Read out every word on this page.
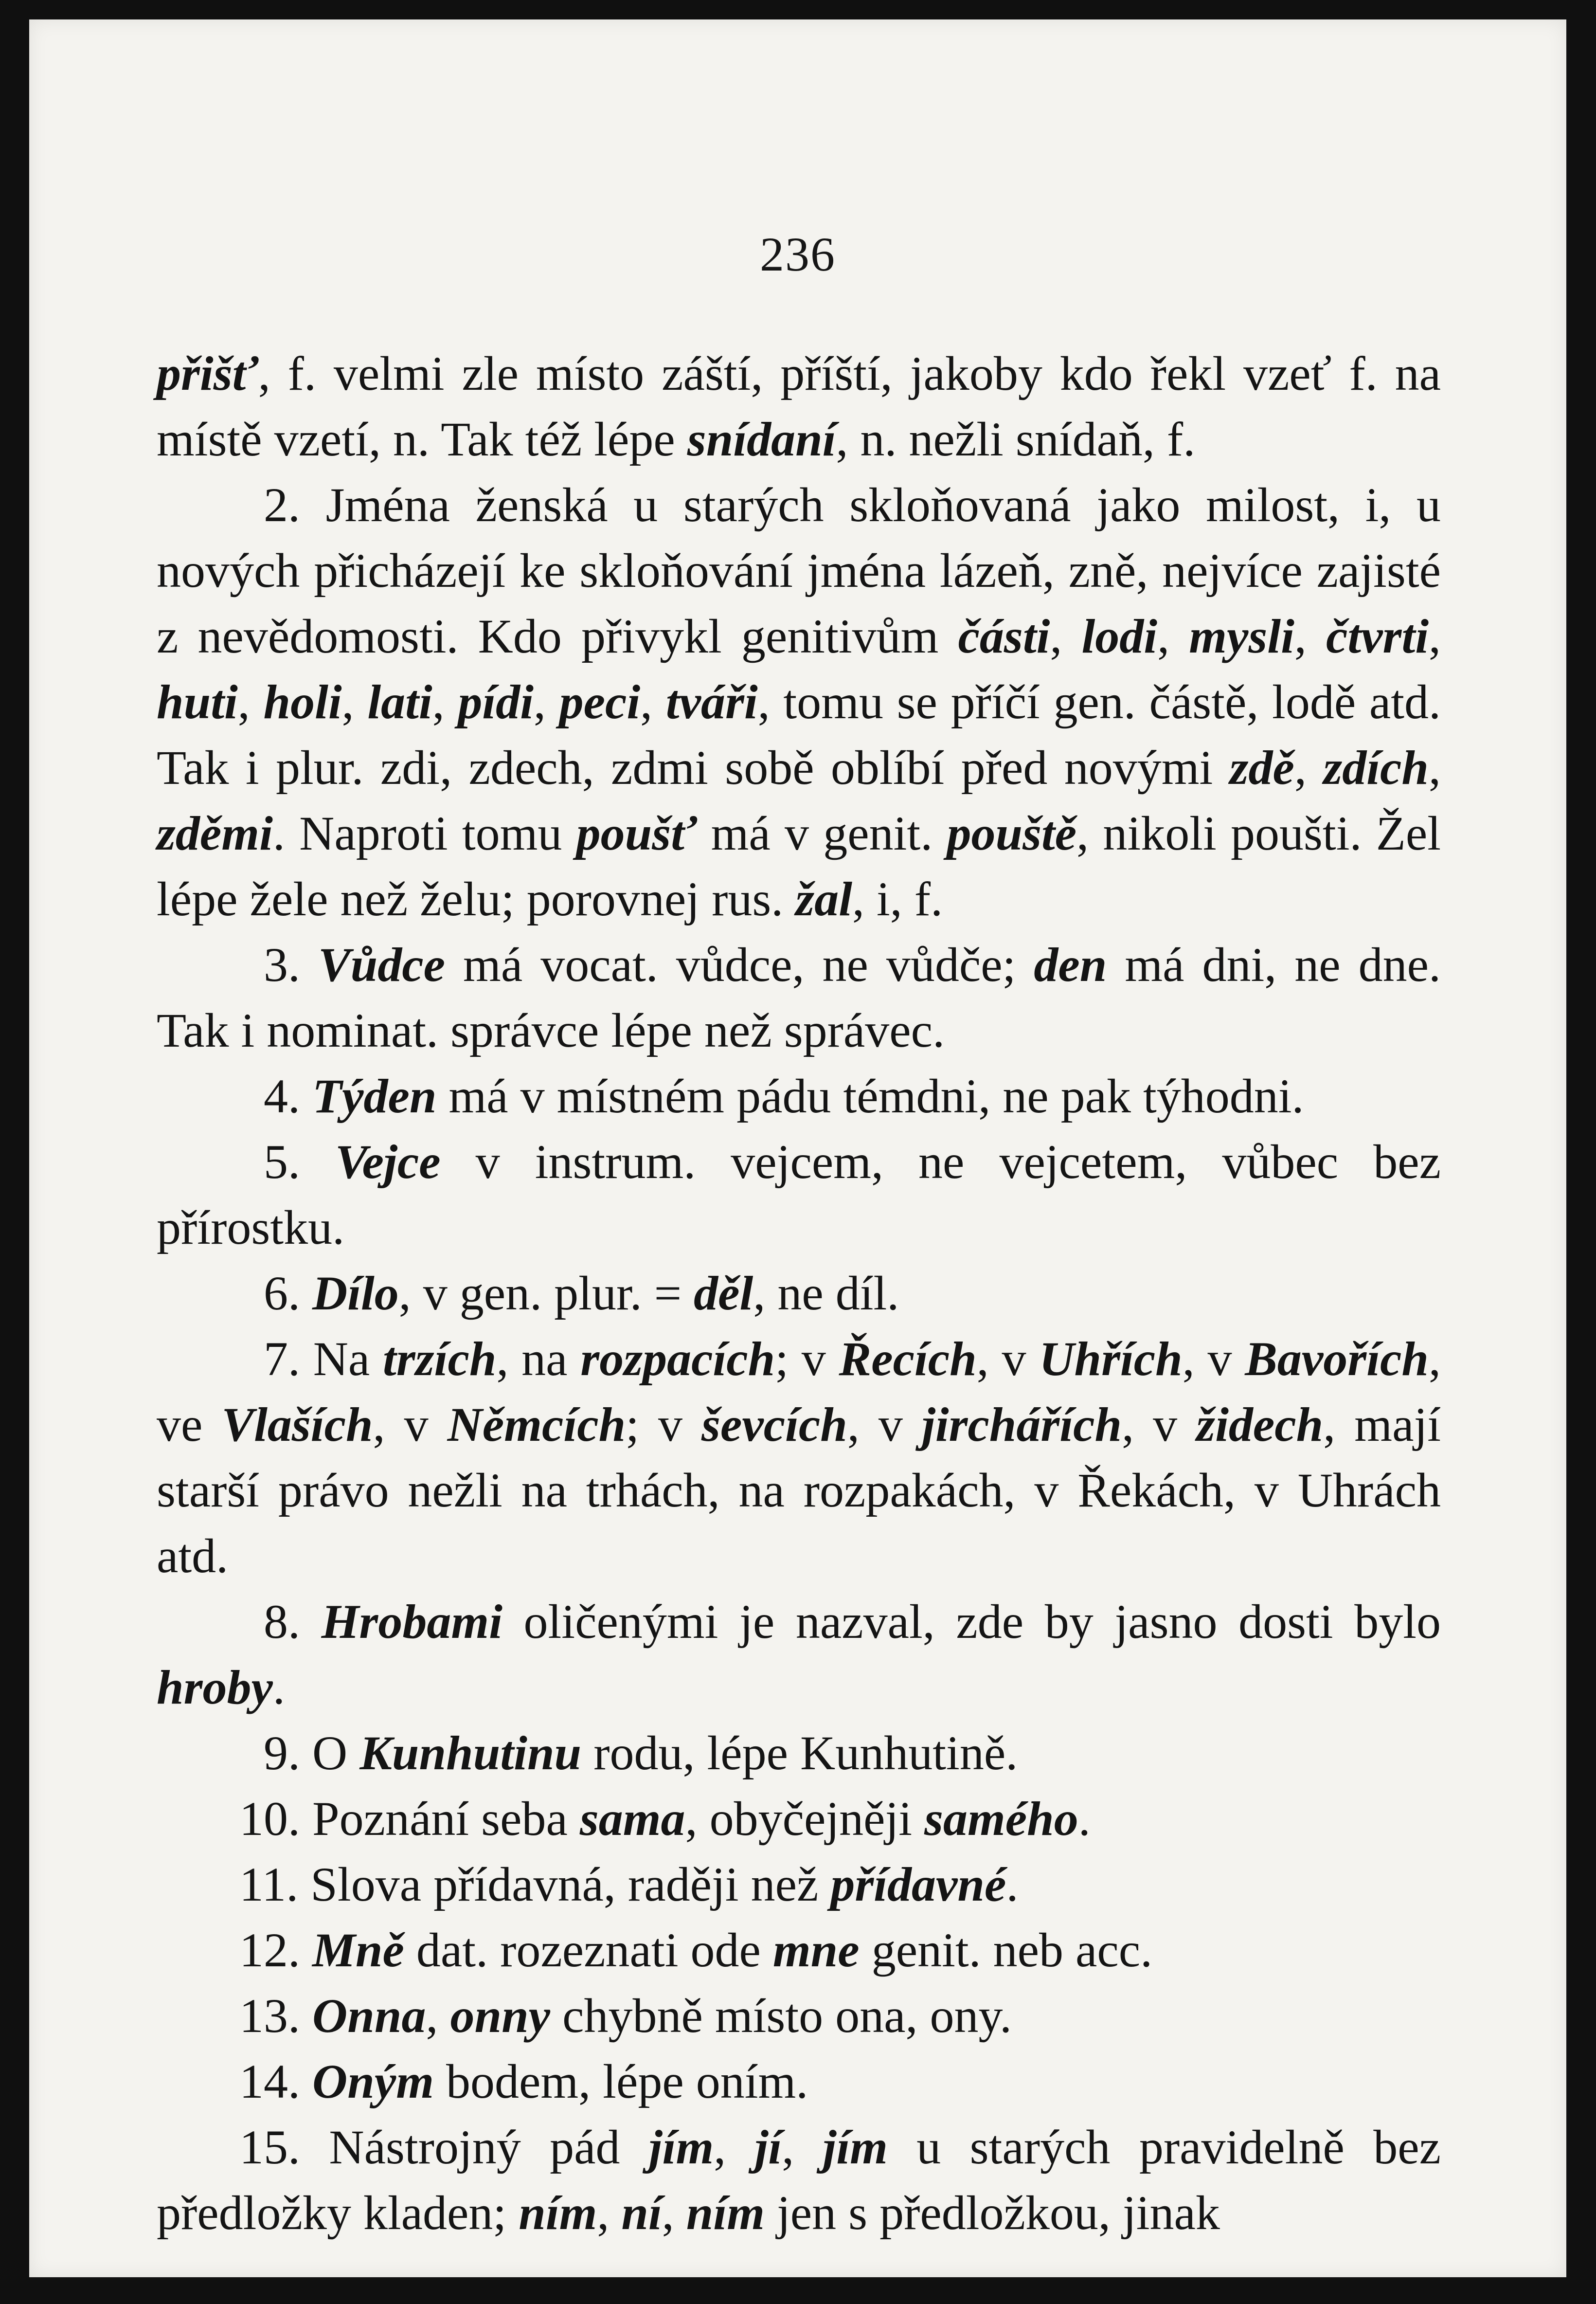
236

přišť, f. velmi zle místo záští, příští, jakoby kdo řekl vzeť f. na místě vzetí, n. Tak též lépe snídaní, n. nežli snídaň, f.

2. Jména ženská u starých skloňovaná jako milost, i, u nových přicházejí ke skloňování jména lázeň, zně, nejvíce zajisté z nevědomosti. Kdo přivykl genitivům části, lodi, mysli, čtvrti, huti, holi, lati, pídi, peci, tváři, tomu se příčí gen. částě, lodě atd. Tak i plur. zdi, zdech, zdmi sobě oblíbí před novými zdě, zdích, zděmi. Naproti tomu poušť má v genit. pouště, nikoli poušti. Žel lépe žele než želu; porovnej rus. žal, i, f.

3. Vůdce má vocat. vůdce, ne vůdče; den má dni, ne dne. Tak i nominat. správce lépe než správec.

4. Týden má v místném pádu témdni, ne pak týhodni.

5. Vejce v instrum. vejcem, ne vejcetem, vůbec bez přírostku.

6. Dílo, v gen. plur. = děl, ne díl.

7. Na trzích, na rozpacích; v Řecích, v Uhřích, v Bavořích, ve Vlaších, v Němcích; v ševcích, v jirchářích, v židech, mají starší právo nežli na trhách, na rozpakách, v Řekách, v Uhrách atd.

8. Hrobami oličenými je nazval, zde by jasno dosti bylo hroby.

9. O Kunhutinu rodu, lépe Kunhutině.

10. Poznání seba sama, obyčejněji samého.

11. Slova přídavná, raději než přídavné.

12. Mně dat. rozeznati ode mne genit. neb acc.

13. Onna, onny chybně místo ona, ony.

14. Oným bodem, lépe oním.

15. Nástrojný pád jím, jí, jím u starých pravidelně bez předložky kladen; ním, ní, ním jen s předložkou, jinak
